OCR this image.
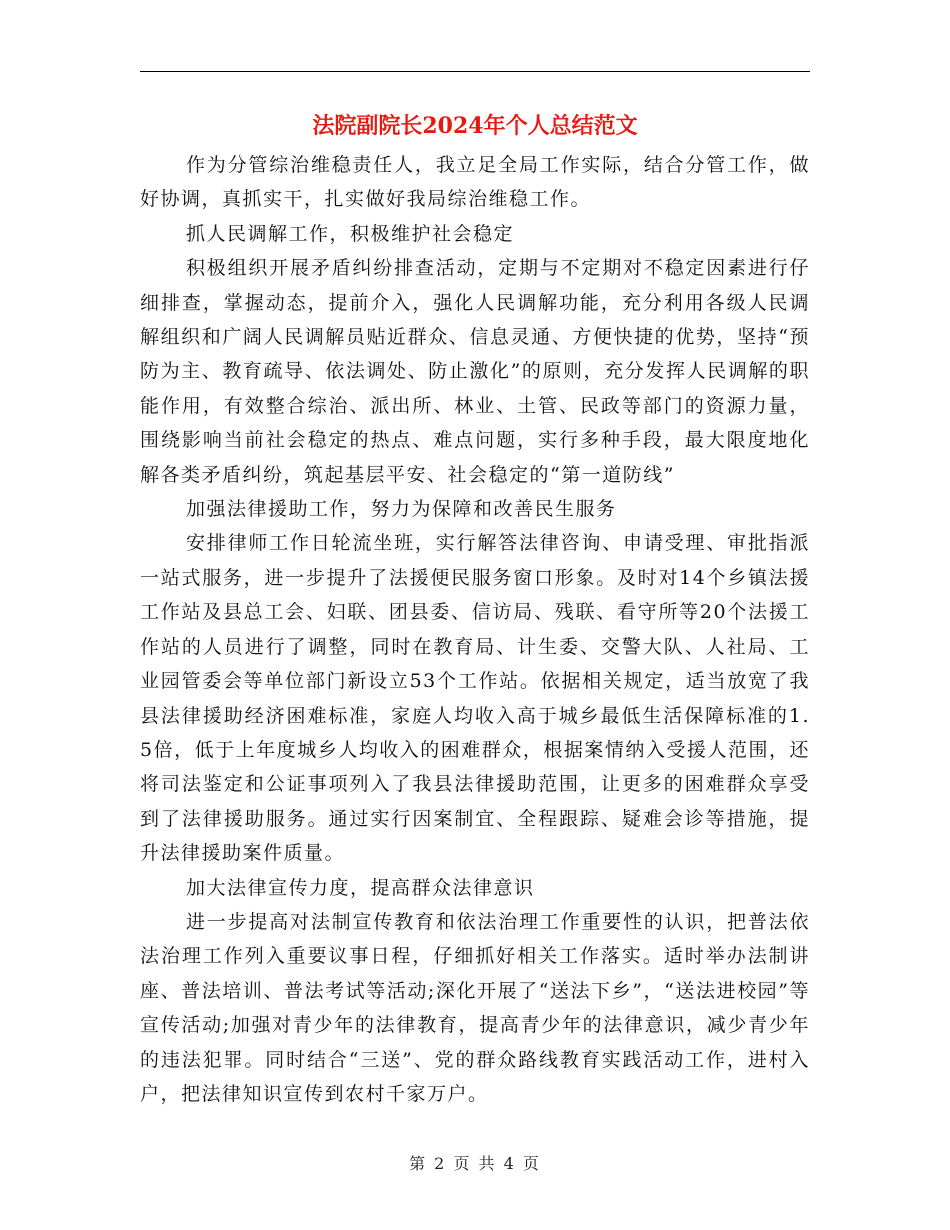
法院副院长2024年个人总结范文

作为分管综治维稳责任人，我立足全局工作实际，结合分管工作，做好协调，真抓实干，扎实做好我局综治维稳工作。

抓人民调解工作，积极维护社会稳定

积极组织开展矛盾纠纷排查活动，定期与不定期对不稳定因素进行仔细排查，掌握动态，提前介入，强化人民调解功能，充分利用各级人民调解组织和广阔人民调解员贴近群众、信息灵通、方便快捷的优势，坚持“预防为主、教育疏导、依法调处、防止激化”的原则，充分发挥人民调解的职能作用，有效整合综治、派出所、林业、土管、民政等部门的资源力量，围绕影响当前社会稳定的热点、难点问题，实行多种手段，最大限度地化解各类矛盾纠纷，筑起基层平安、社会稳定的“第一道防线”

加强法律援助工作，努力为保障和改善民生服务

安排律师工作日轮流坐班，实行解答法律咨询、申请受理、审批指派一站式服务，进一步提升了法援便民服务窗口形象。及时对14个乡镇法援工作站及县总工会、妇联、团县委、信访局、残联、看守所等20个法援工作站的人员进行了调整，同时在教育局、计生委、交警大队、人社局、工业园管委会等单位部门新设立53个工作站。依据相关规定，适当放宽了我县法律援助经济困难标准，家庭人均收入高于城乡最低生活保障标准的1.5倍，低于上年度城乡人均收入的困难群众，根据案情纳入受援人范围，还将司法鉴定和公证事项列入了我县法律援助范围，让更多的困难群众享受到了法律援助服务。通过实行因案制宜、全程跟踪、疑难会诊等措施，提升法律援助案件质量。

加大法律宣传力度，提高群众法律意识

进一步提高对法制宣传教育和依法治理工作重要性的认识，把普法依法治理工作列入重要议事日程，仔细抓好相关工作落实。适时举办法制讲座、普法培训、普法考试等活动;深化开展了“送法下乡”，“送法进校园”等宣传活动;加强对青少年的法律教育，提高青少年的法律意识，减少青少年的违法犯罪。同时结合“三送”、党的群众路线教育实践活动工作，进村入户，把法律知识宣传到农村千家万户。

第 2 页 共 4 页
